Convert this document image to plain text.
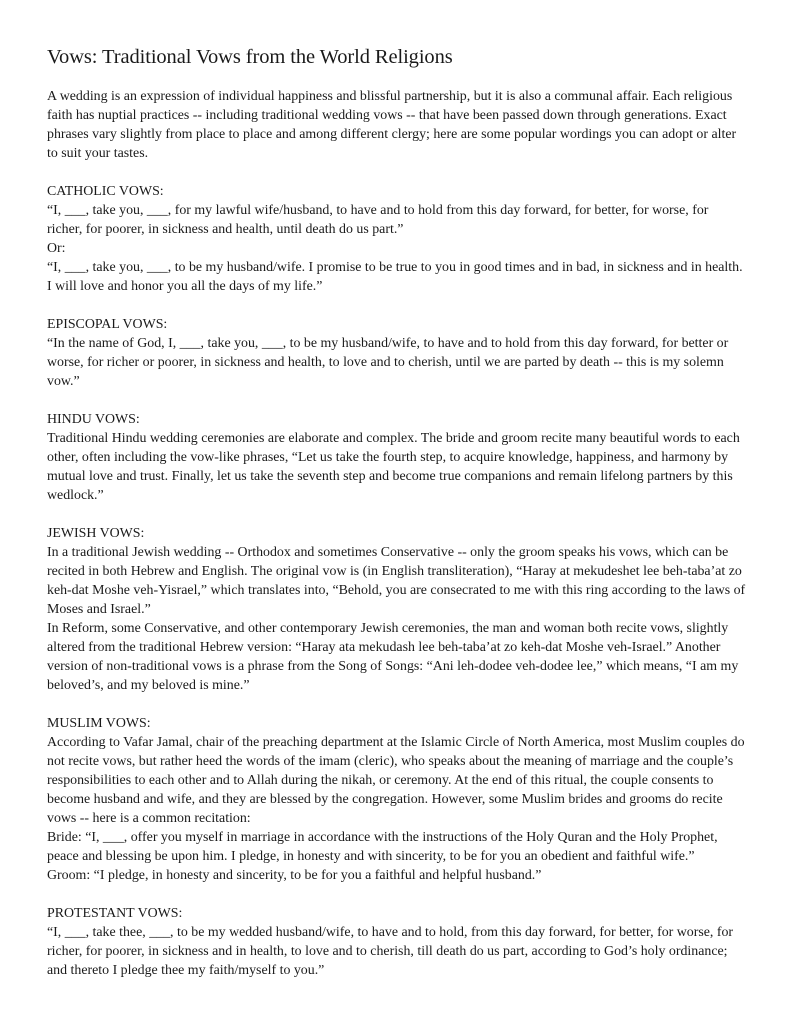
Vows: Traditional Vows from the World Religions

A wedding is an expression of individual happiness and blissful partnership, but it is also a communal affair. Each religious faith has nuptial practices -- including traditional wedding vows -- that have been passed down through generations. Exact phrases vary slightly from place to place and among different clergy; here are some popular wordings you can adopt or alter to suit your tastes.

CATHOLIC VOWS:

“I, ___, take you, ___, for my lawful wife/husband, to have and to hold from this day forward, for better, for worse, for richer, for poorer, in sickness and health, until death do us part.”

Or:

“I, ___, take you, ___, to be my husband/wife. I promise to be true to you in good times and in bad, in sickness and in health. I will love and honor you all the days of my life.”

EPISCOPAL VOWS:

“In the name of God, I, ___, take you, ___, to be my husband/wife, to have and to hold from this day forward, for better or worse, for richer or poorer, in sickness and health, to love and to cherish, until we are parted by death -- this is my solemn vow.”

HINDU VOWS:

Traditional Hindu wedding ceremonies are elaborate and complex. The bride and groom recite many beautiful words to each other, often including the vow-like phrases, “Let us take the fourth step, to acquire knowledge, happiness, and harmony by mutual love and trust. Finally, let us take the seventh step and become true companions and remain lifelong partners by this wedlock.”

JEWISH VOWS:

In a traditional Jewish wedding -- Orthodox and sometimes Conservative -- only the groom speaks his vows, which can be recited in both Hebrew and English. The original vow is (in English transliteration), “Haray at mekudeshet lee beh-taba’at zo keh-dat Moshe veh-Yisrael,” which translates into, “Behold, you are consecrated to me with this ring according to the laws of Moses and Israel.”

In Reform, some Conservative, and other contemporary Jewish ceremonies, the man and woman both recite vows, slightly altered from the traditional Hebrew version: “Haray ata mekudash lee beh-taba’at zo keh-dat Moshe veh-Israel.” Another version of non-traditional vows is a phrase from the Song of Songs: “Ani leh-dodee veh-dodee lee,” which means, “I am my beloved’s, and my beloved is mine.”

MUSLIM VOWS:

According to Vafar Jamal, chair of the preaching department at the Islamic Circle of North America, most Muslim couples do not recite vows, but rather heed the words of the imam (cleric), who speaks about the meaning of marriage and the couple’s responsibilities to each other and to Allah during the nikah, or ceremony. At the end of this ritual, the couple consents to become husband and wife, and they are blessed by the congregation. However, some Muslim brides and grooms do recite vows -- here is a common recitation:

Bride: “I, ___, offer you myself in marriage in accordance with the instructions of the Holy Quran and the Holy Prophet, peace and blessing be upon him. I pledge, in honesty and with sincerity, to be for you an obedient and faithful wife.”

Groom: “I pledge, in honesty and sincerity, to be for you a faithful and helpful husband.”

PROTESTANT VOWS:

“I, ___, take thee, ___, to be my wedded husband/wife, to have and to hold, from this day forward, for better, for worse, for richer, for poorer, in sickness and in health, to love and to cherish, till death do us part, according to God’s holy ordinance; and thereto I pledge thee my faith/myself to you.”
